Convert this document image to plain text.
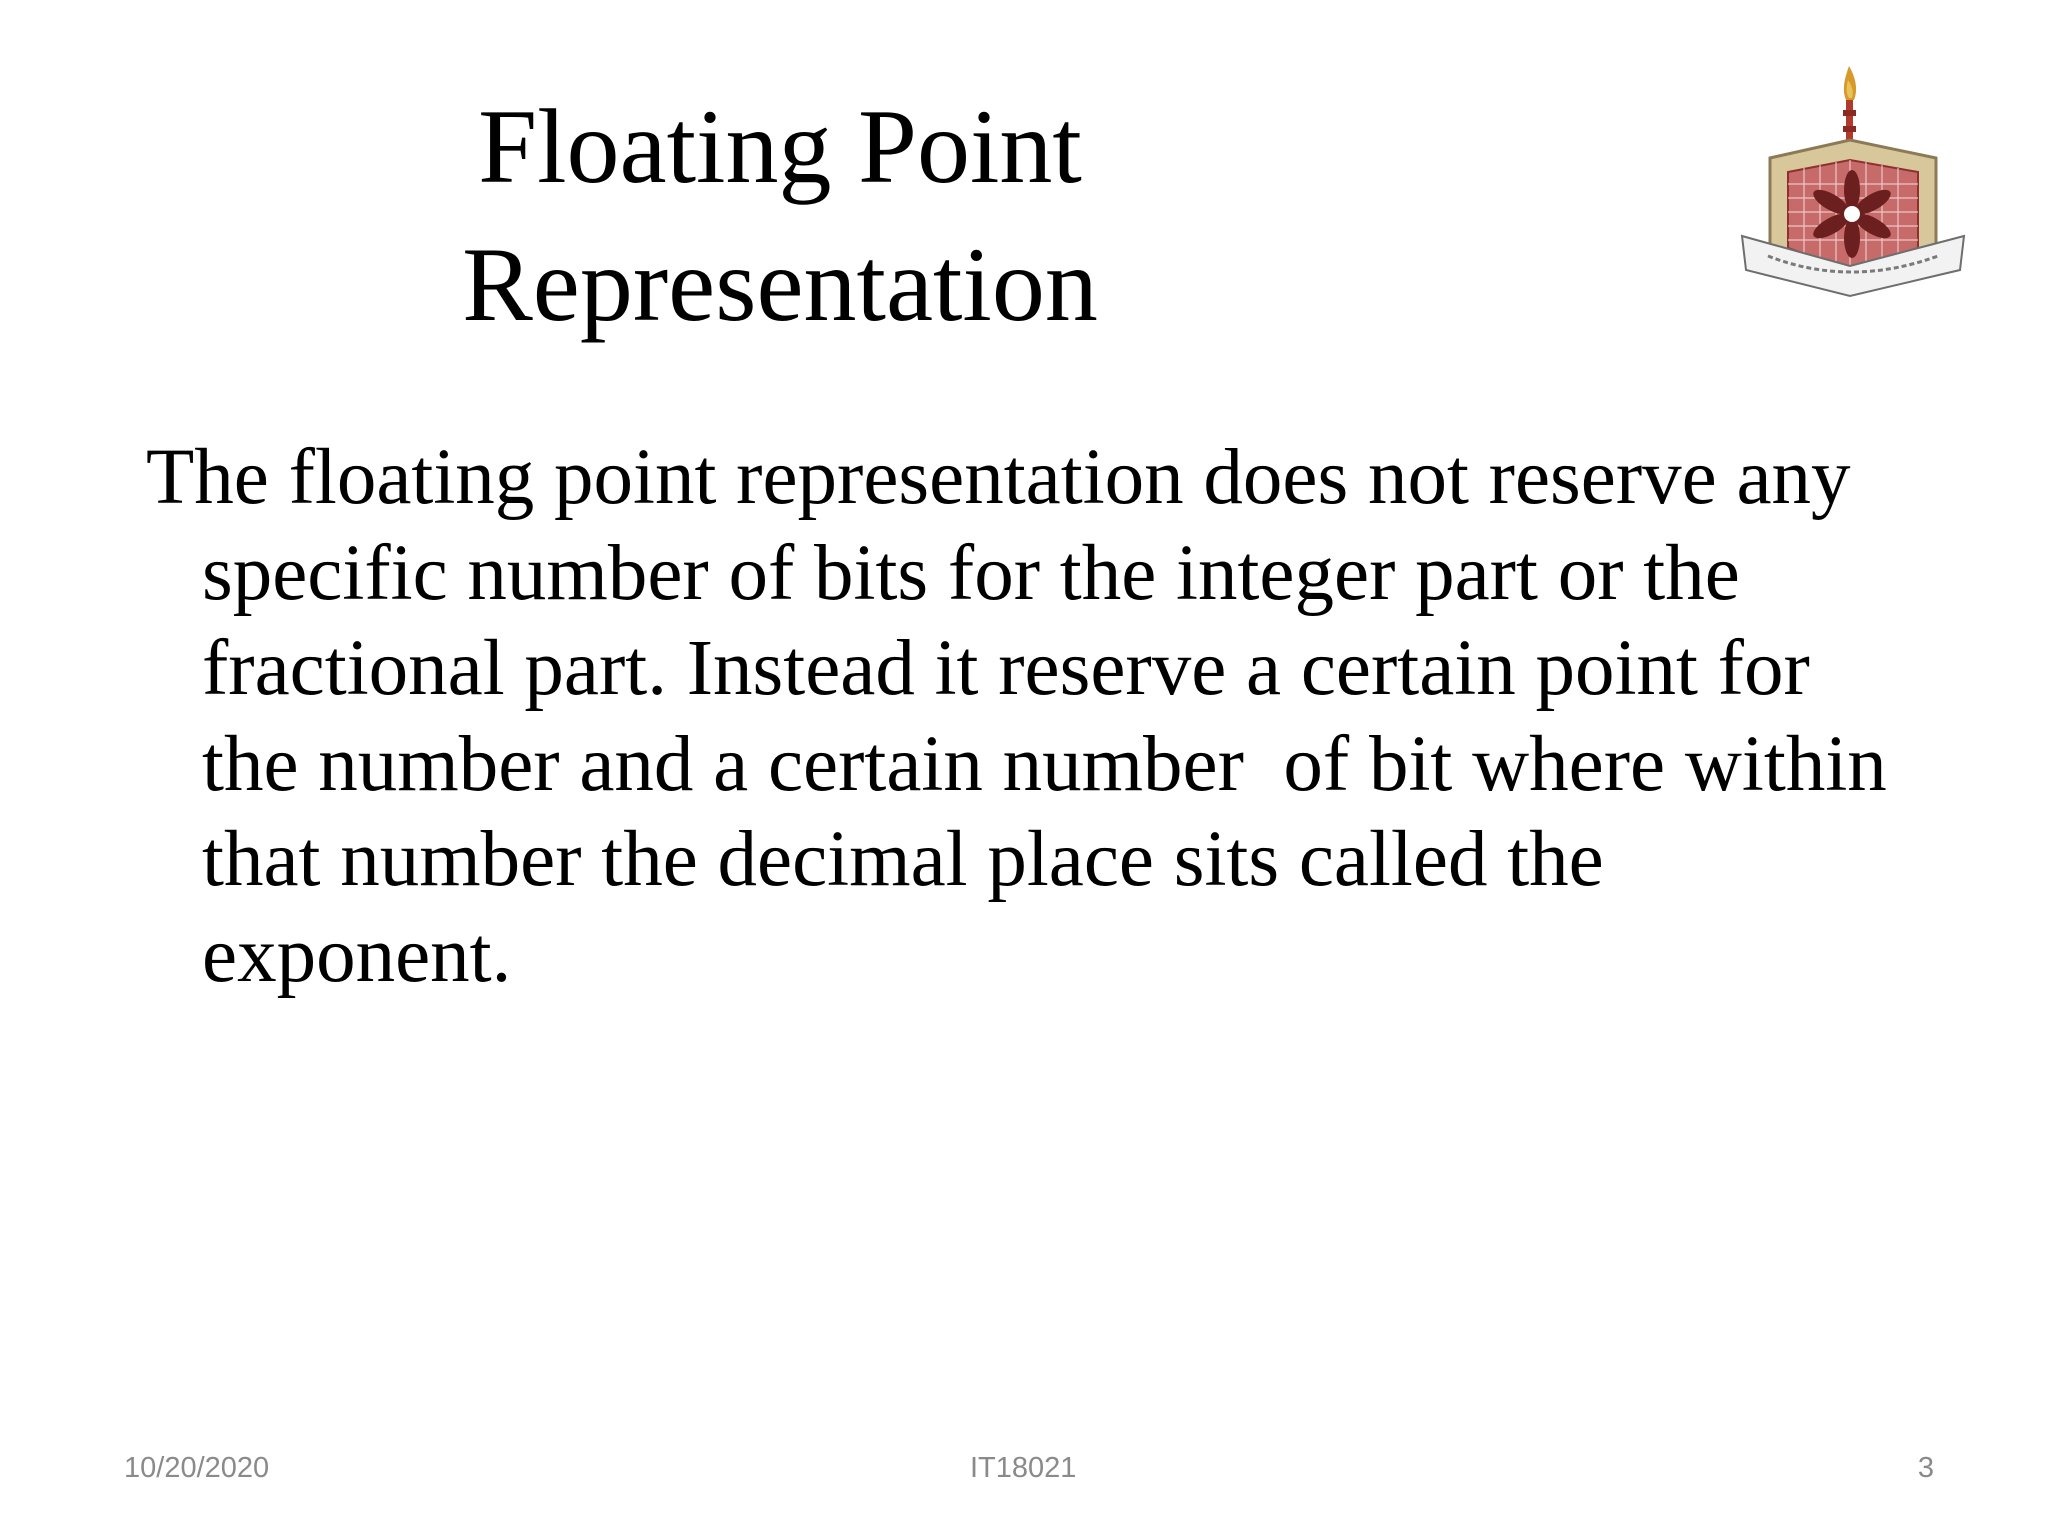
Floating Point
Representation

The floating point representation does not reserve any
specific number of bits for the integer part or the
fractional part. Instead it reserve a certain point for
the number and a certain number  of bit where within
that number the decimal place sits called the
exponent.

10/20/2020	IT18021	3
